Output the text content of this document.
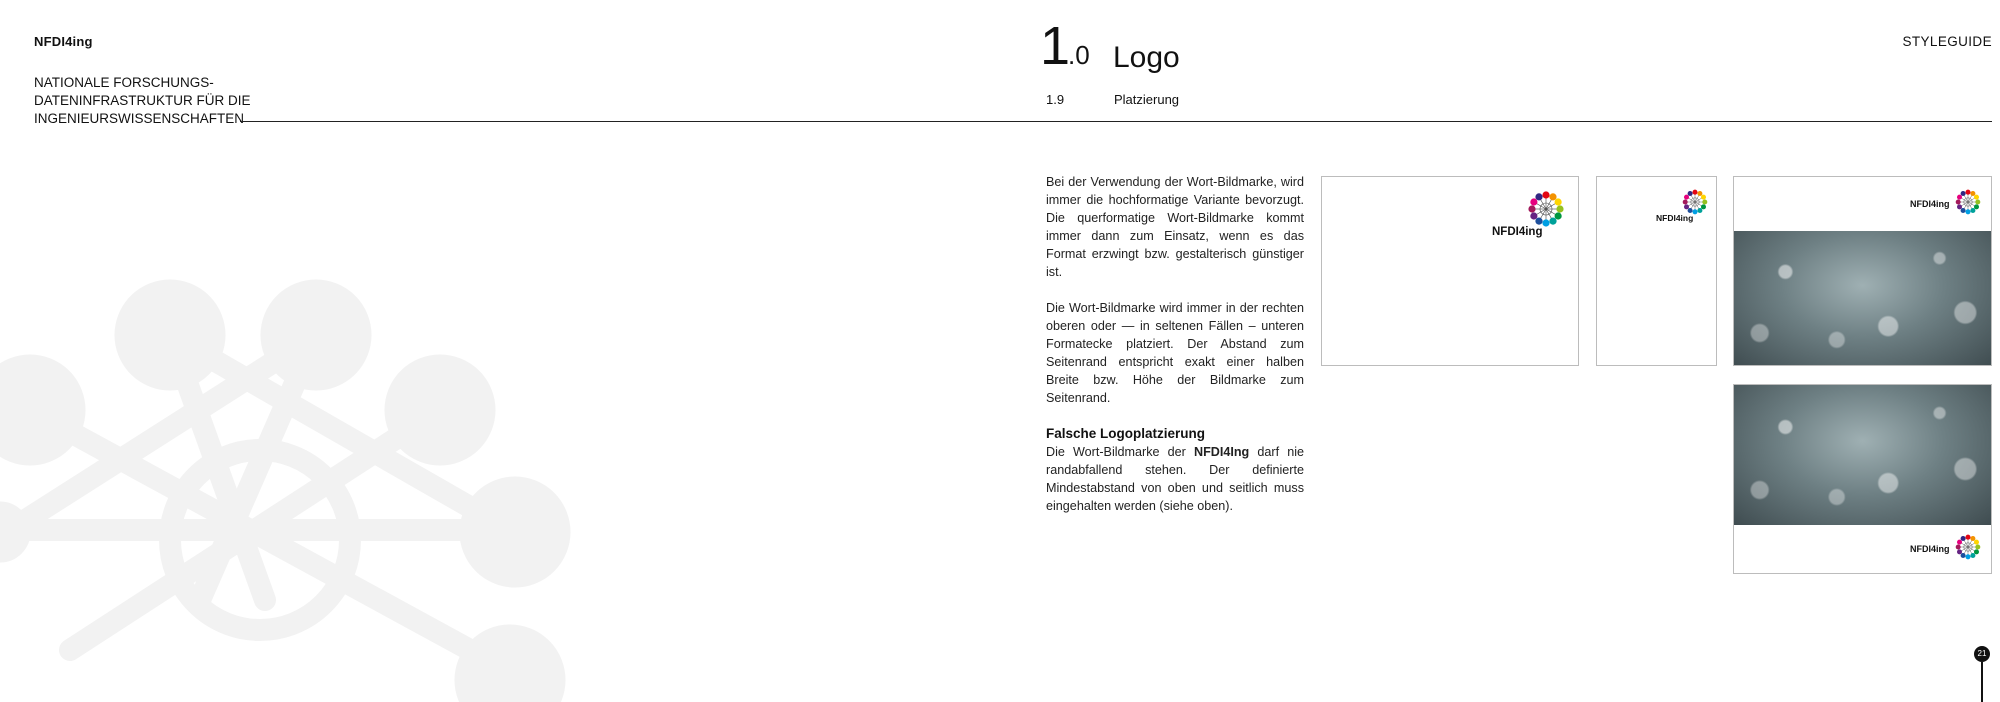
NFDI4ing
NATIONALE FORSCHUNGS-
DATENINFRASTRUKTUR FÜR DIE
INGENIEURSWISSENSCHAFTEN
STYLEGUIDE
1.0 Logo
1.9	Platzierung

Bei der Verwendung der Wort-Bildmarke, wird immer die hochformatige Variante bevorzugt. Die querformatige Wort-Bildmarke kommt immer dann zum Einsatz, wenn es das Format erzwingt bzw. gestalterisch günstiger ist.

Die Wort-Bildmarke wird immer in der rechten oberen oder — in seltenen Fällen – unteren Formatecke platziert. Der Abstand zum Seitenrand entspricht exakt einer halben Breite bzw. Höhe der Bildmarke zum Seitenrand.

Falsche Logoplatzierung

Die Wort-Bildmarke der NFDI4Ing darf nie randabfallend stehen. Der definierte Mindestabstand von oben und seitlich muss eingehalten werden (siehe oben).

NFDI4ing
NFDI4ing
NFDI4ing
NFDI4ing
21
